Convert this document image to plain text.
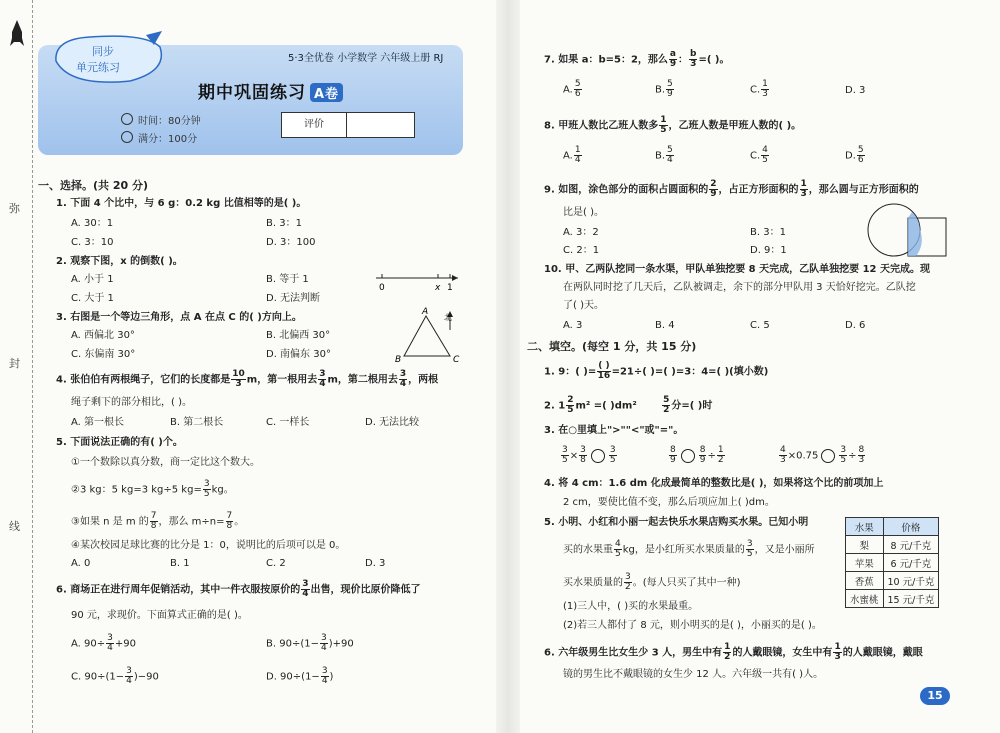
弥
封
线
同步
单元练习
5·3全优卷 小学数学 六年级上册 RJ
期中巩固练习 A卷
时间：80分钟
满分：100分
评价
一、选择。(共 20 分)
1. 下面 4 个比中，与 6 g：0.2 kg 比值相等的是( )。
A. 30：1	B. 3：1
C. 3：10	D. 3：100
2. 观察下图，x 的倒数( )。
A. 小于 1	B. 等于 1
C. 大于 1	D. 无法判断
0	x 1
3. 右图是一个等边三角形，点 A 在点 C 的( )方向上。
A. 西偏北 30°	B. 北偏西 30°
C. 东偏南 30°	D. 南偏东 30°
A
B	C
北
4. 张伯伯有两根绳子，它们的长度都是 $\frac{10}{3}$ m，第一根用去 $\frac{3}{4}$ m，第二根用去 $\frac{3}{4}$ ，两根
绳子剩下的部分相比，( )。
A. 第一根长	B. 第二根长	C. 一样长	D. 无法比较
5. 下面说法正确的有( )个。
①一个数除以真分数，商一定比这个数大。
②3 kg：5 kg=3 kg÷5 $kg= \frac{3}{5}$ kg。
③如果 n 是 m 的 $\frac{7}{8}$ ，那么 $m\div n= \frac{7}{8}$ 。
④某次校园足球比赛的比分是 1：0，说明比的后项可以是 0。
A. 0	B. 1	C. 2	D. 3
6. 商场正在进行周年促销活动，其中一件衣服按原价的 $\frac{3}{4}$ 出售，现价比原价降低了
90 元，求现价。下面算式正确的是( )。
A. $90\div \frac{3}{4} +90$	B. $90\div(1- \frac{3}{4} )+90$
C. $90\div(1- \frac{3}{4} )-90$	D. $90\div(1- \frac{3}{4}$ )
7. 如果 a：b=5：2，那么 $\frac{a}{9}$ ： $\frac{b}{3}$ =( )。
A. $\frac{5}{6}$	B. $\frac{5}{9}$	C. $\frac{1}{3}$	D. 3
8. 甲班人数比乙班人数多 $\frac{1}{5}$ ，乙班人数是甲班人数的( )。
A. $\frac{1}{4}$	B. $\frac{5}{4}$	C. $\frac{4}{5}$	D. $\frac{5}{6}$
9. 如图，涂色部分的面积占圆面积的 $\frac{2}{9}$ ，占正方形面积的 $\frac{1}{3}$ ，那么圆与正方形面积的
比是( )。
A. 3：2	B. 3：1
C. 2：1	D. 9：1
10. 甲、乙两队挖同一条水渠，甲队单独挖要 8 天完成，乙队单独挖要 12 天完成。现
在两队同时挖了几天后，乙队被调走，余下的部分甲队用 3 天恰好挖完。乙队挖
了( )天。
A. 3	B. 4	C. 5	D. 6
二、填空。(每空 1 分，共 15 分)
1. 9：( )=
( )
16 =21÷( )=( )=3：4=( )(填小数)
2. $1 \frac{2}{5} m^2$ =( )dm²	$\frac{5}{2}$ 分=( )时
3. 在○里填上">""<"或"="。
$\frac{3}{5} \times \frac{3}{8} \frac{3}{5}$	$\frac{8}{9} \frac{8}{9} \div \frac{1}{2}$	$\frac{4}{3} \times 0.75 \frac{3}{5} \div \frac{8}{3}$
4. 将 4 cm：1.6 dm 化成最简单的整数比是( )，如果将这个比的前项加上
2 cm，要使比值不变，那么后项应加上( )dm。
5. 小明、小红和小丽一起去快乐水果店购买水果。已知小明
买的水果重 $\frac{4}{5}$ kg，是小红所买水果质量的 $\frac{3}{5}$ ，又是小丽所
买水果质量的 $\frac{3}{2}$ 。(每人只买了其中一种)
(1)三人中，( )买的水果最重。
(2)若三人都付了 8 元，则小明买的是( )，小丽买的是( )。
水果	价格
梨	8 元/千克
苹果	6 元/千克
香蕉	10 元/千克
水蜜桃	15 元/千克
6. 六年级男生比女生少 3 人，男生中有 $\frac{1}{2}$ 的人戴眼镜，女生中有 $\frac{1}{3}$ 的人戴眼镜，戴眼
镜的男生比不戴眼镜的女生少 12 人。六年级一共有( )人。
15
